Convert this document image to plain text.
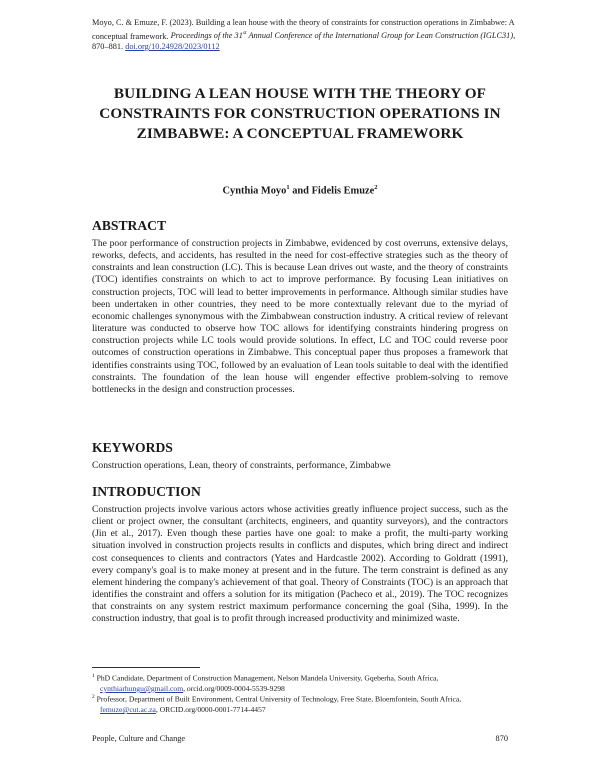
Moyo, C. & Emuze, F. (2023). Building a lean house with the theory of constraints for construction operations in Zimbabwe: A conceptual framework. Proceedings of the 31st Annual Conference of the International Group for Lean Construction (IGLC31), 870–881. doi.org/10.24928/2023/0112
BUILDING A LEAN HOUSE WITH THE THEORY OF CONSTRAINTS FOR CONSTRUCTION OPERATIONS IN ZIMBABWE: A CONCEPTUAL FRAMEWORK
Cynthia Moyo$^1$ and Fidelis Emuze$^2$
ABSTRACT

The poor performance of construction projects in Zimbabwe, evidenced by cost overruns, extensive delays, reworks, defects, and accidents, has resulted in the need for cost-effective strategies such as the theory of constraints and lean construction (LC). This is because Lean drives out waste, and the theory of constraints (TOC) identifies constraints on which to act to improve performance. By focusing Lean initiatives on construction projects, TOC will lead to better improvements in performance. Although similar studies have been undertaken in other countries, they need to be more contextually relevant due to the myriad of economic challenges synonymous with the Zimbabwean construction industry. A critical review of relevant literature was conducted to observe how TOC allows for identifying constraints hindering progress on construction projects while LC tools would provide solutions. In effect, LC and TOC could reverse poor outcomes of construction operations in Zimbabwe. This conceptual paper thus proposes a framework that identifies constraints using TOC, followed by an evaluation of Lean tools suitable to deal with the identified constraints. The foundation of the lean house will engender effective problem-solving to remove bottlenecks in the design and construction processes.

KEYWORDS

Construction operations, Lean, theory of constraints, performance, Zimbabwe

INTRODUCTION

Construction projects involve various actors whose activities greatly influence project success, such as the client or project owner, the consultant (architects, engineers, and quantity surveyors), and the contractors (Jin et al., 2017). Even though these parties have one goal: to make a profit, the multi-party working situation involved in construction projects results in conflicts and disputes, which bring direct and indirect cost consequences to clients and contractors (Yates and Hardcastle 2002). According to Goldratt (1991), every company's goal is to make money at present and in the future. The term constraint is defined as any element hindering the company's achievement of that goal. Theory of Constraints (TOC) is an approach that identifies the constraint and offers a solution for its mitigation (Pacheco et al., 2019). The TOC recognizes that constraints on any system restrict maximum performance concerning the goal (Siha, 1999). In the construction industry, that goal is to profit through increased productivity and minimized waste.

$^1$ PhD Candidate, Department of Construction Management, Nelson Mandela University, Gqeberha, South Africa, cynthiarhungu@gmail.com, orcid.org/0009-0004-5539-9298
$^2$ Professor, Department of Built Environment, Central University of Technology, Free State, Bloemfontein, South Africa, femuze@cut.ac.za, ORCID.org/0000-0001-7714-4457
People, Culture and Change	870
